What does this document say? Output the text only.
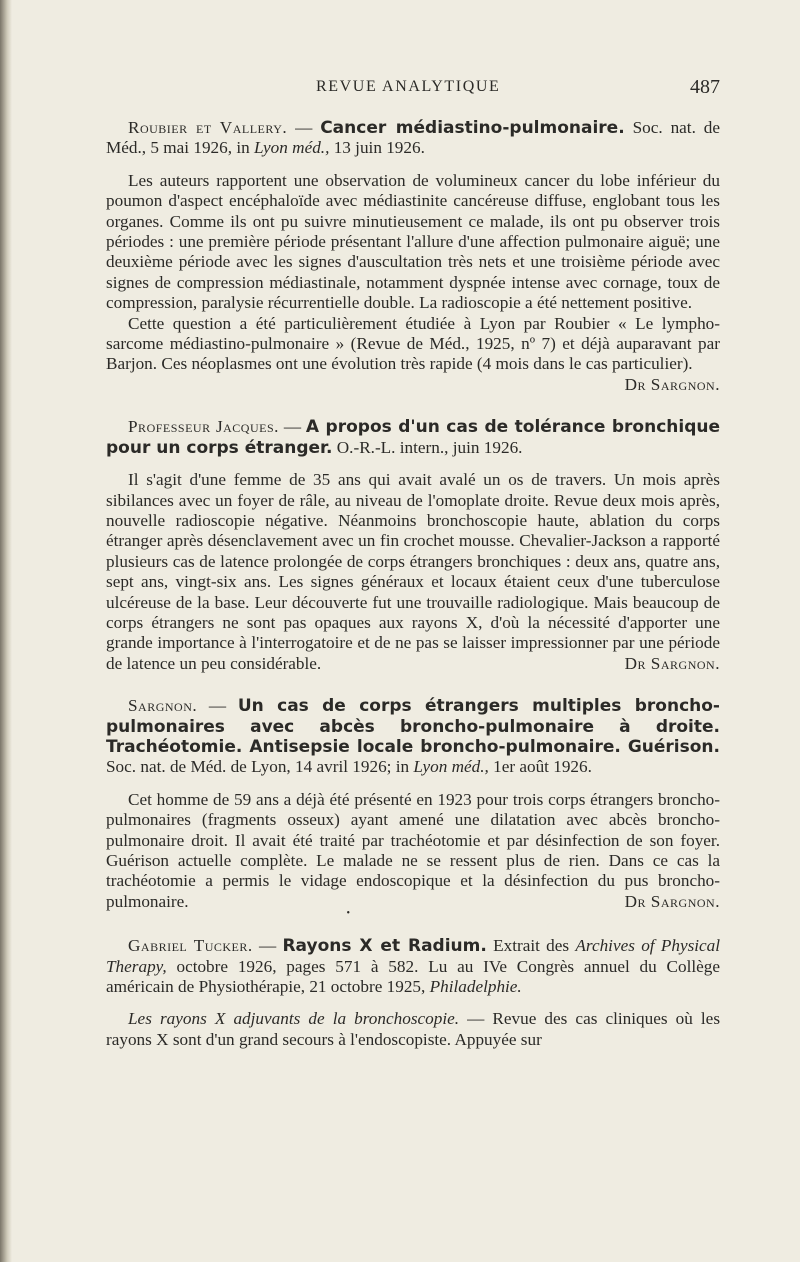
REVUE ANALYTIQUE	487

Roubier et Vallery. — Cancer médiastino-pulmonaire. Soc. nat. de Méd., 5 mai 1926, in Lyon méd., 13 juin 1926.

Les auteurs rapportent une observation de volumineux cancer du lobe inférieur du poumon d'aspect encéphaloïde avec médiastinite cancéreuse diffuse, englobant tous les organes. Comme ils ont pu suivre minutieusement ce malade, ils ont pu observer trois périodes : une première période présentant l'allure d'une affection pulmonaire aiguë; une deuxième période avec les signes d'auscultation très nets et une troisième période avec signes de compression médiastinale, notamment dyspnée intense avec cornage, toux de compression, paralysie récurrentielle double. La radioscopie a été nettement positive.

Cette question a été particulièrement étudiée à Lyon par Roubier « Le lympho-sarcome médiastino-pulmonaire » (Revue de Méd., 1925, nº 7) et déjà auparavant par Barjon. Ces néoplasmes ont une évolution très rapide (4 mois dans le cas particulier).
Dr Sargnon.

Professeur Jacques. — A propos d'un cas de tolérance bronchique pour un corps étranger. O.-R.-L. intern., juin 1926.

Il s'agit d'une femme de 35 ans qui avait avalé un os de travers. Un mois après sibilances avec un foyer de râle, au niveau de l'omoplate droite. Revue deux mois après, nouvelle radioscopie négative. Néanmoins bronchoscopie haute, ablation du corps étranger après désenclavement avec un fin crochet mousse. Chevalier-Jackson a rapporté plusieurs cas de latence prolongée de corps étrangers bronchiques : deux ans, quatre ans, sept ans, vingt-six ans. Les signes généraux et locaux étaient ceux d'une tuberculose ulcéreuse de la base. Leur découverte fut une trouvaille radiologique. Mais beaucoup de corps étrangers ne sont pas opaques aux rayons X, d'où la nécessité d'apporter une grande importance à l'interrogatoire et de ne pas se laisser impressionner par une période de latence un peu considérable.	Dr Sargnon.

Sargnon. — Un cas de corps étrangers multiples broncho-pulmonaires avec abcès broncho-pulmonaire à droite. Trachéotomie. Antisepsie locale broncho-pulmonaire. Guérison. Soc. nat. de Méd. de Lyon, 14 avril 1926; in Lyon méd., 1er août 1926.

Cet homme de 59 ans a déjà été présenté en 1923 pour trois corps étrangers broncho-pulmonaires (fragments osseux) ayant amené une dilatation avec abcès broncho-pulmonaire droit. Il avait été traité par trachéotomie et par désinfection de son foyer. Guérison actuelle complète. Le malade ne se ressent plus de rien. Dans ce cas la trachéotomie a permis le vidage endoscopique et la désinfection du pus broncho-pulmonaire.	Dr Sargnon.

•

Gabriel Tucker. — Rayons X et Radium. Extrait des Archives of Physical Therapy, octobre 1926, pages 571 à 582. Lu au IVe Congrès annuel du Collège américain de Physiothérapie, 21 octobre 1925, Philadelphie.

Les rayons X adjuvants de la bronchoscopie. — Revue des cas cliniques où les rayons X sont d'un grand secours à l'endoscopiste. Appuyée sur
